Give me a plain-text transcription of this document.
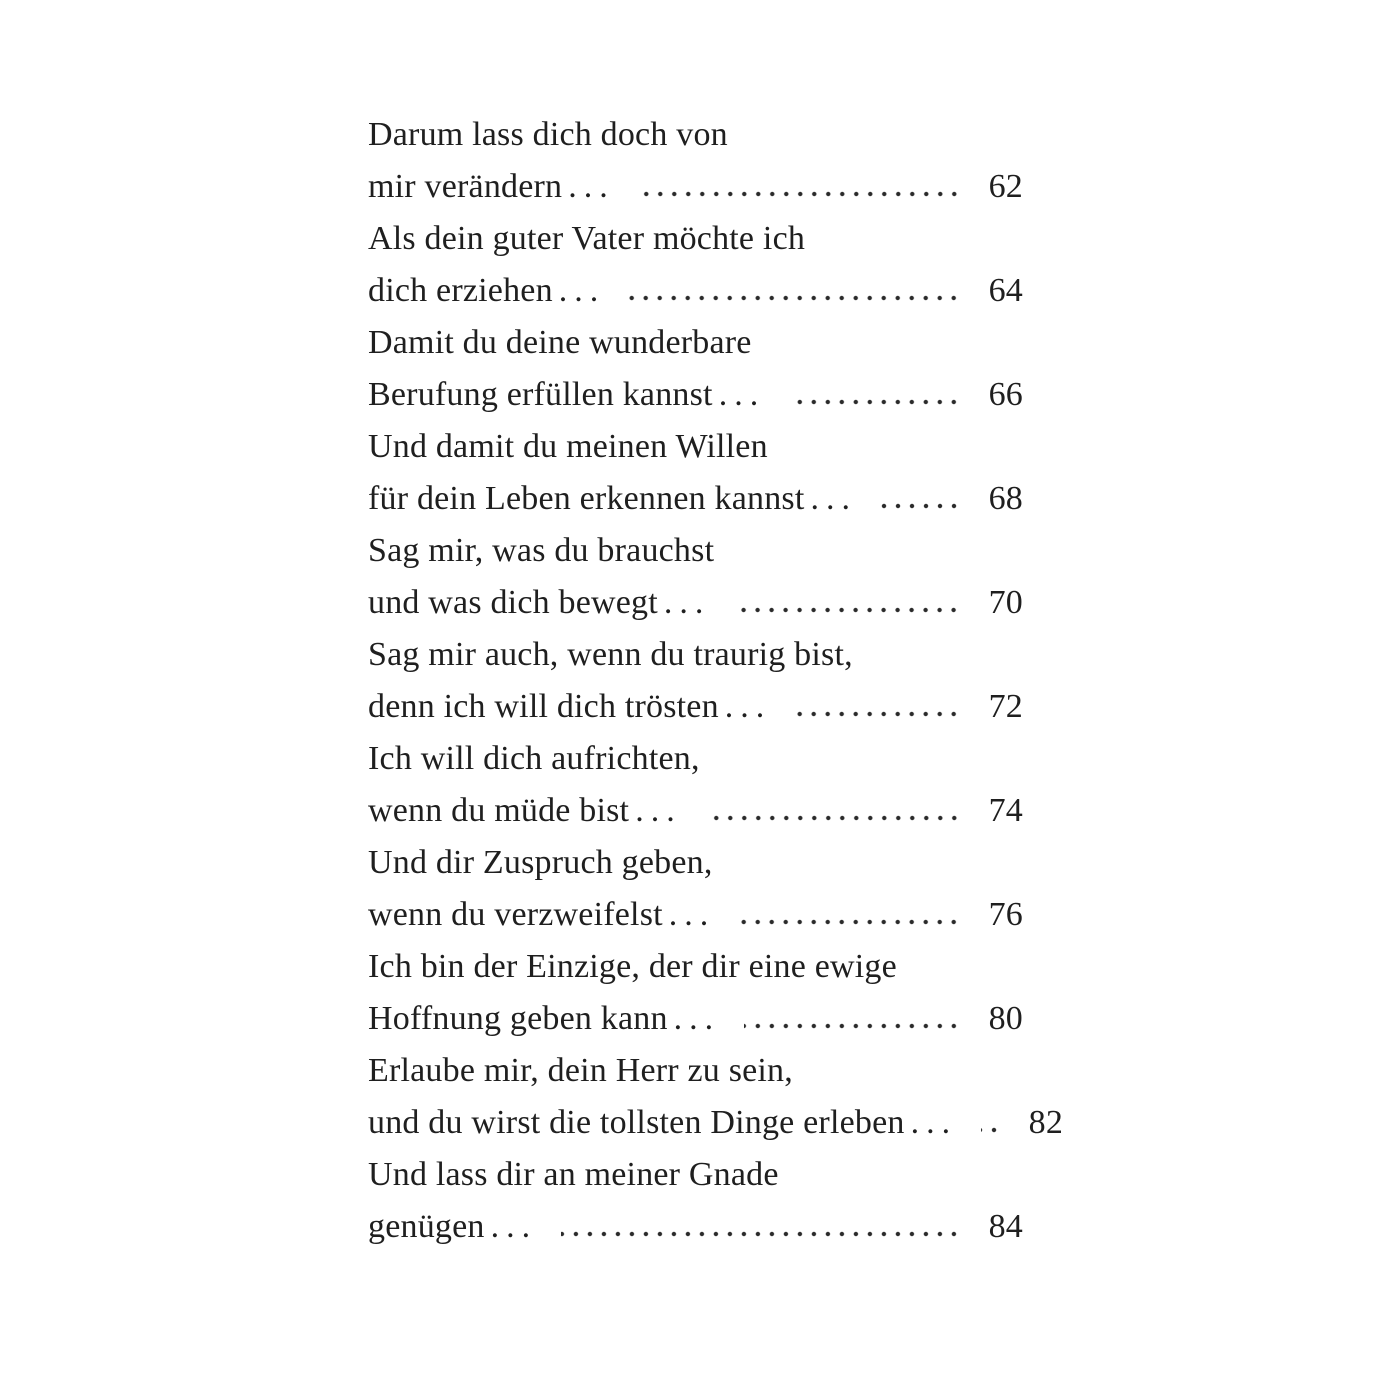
Darum lass dich doch von
mir verändern ...	62
Als dein guter Vater möchte ich
dich erziehen ...	64
Damit du deine wunderbare
Berufung erfüllen kannst ...	66
Und damit du meinen Willen
für dein Leben erkennen kannst ...	68
Sag mir, was du brauchst
und was dich bewegt ...	70
Sag mir auch, wenn du traurig bist,
denn ich will dich trösten ...	72
Ich will dich aufrichten,
wenn du müde bist ...	74
Und dir Zuspruch geben,
wenn du verzweifelst ...	76
Ich bin der Einzige, der dir eine ewige
Hoffnung geben kann ...	80
Erlaube mir, dein Herr zu sein,
und du wirst die tollsten Dinge erleben ...	82
Und lass dir an meiner Gnade
genügen ...	84
